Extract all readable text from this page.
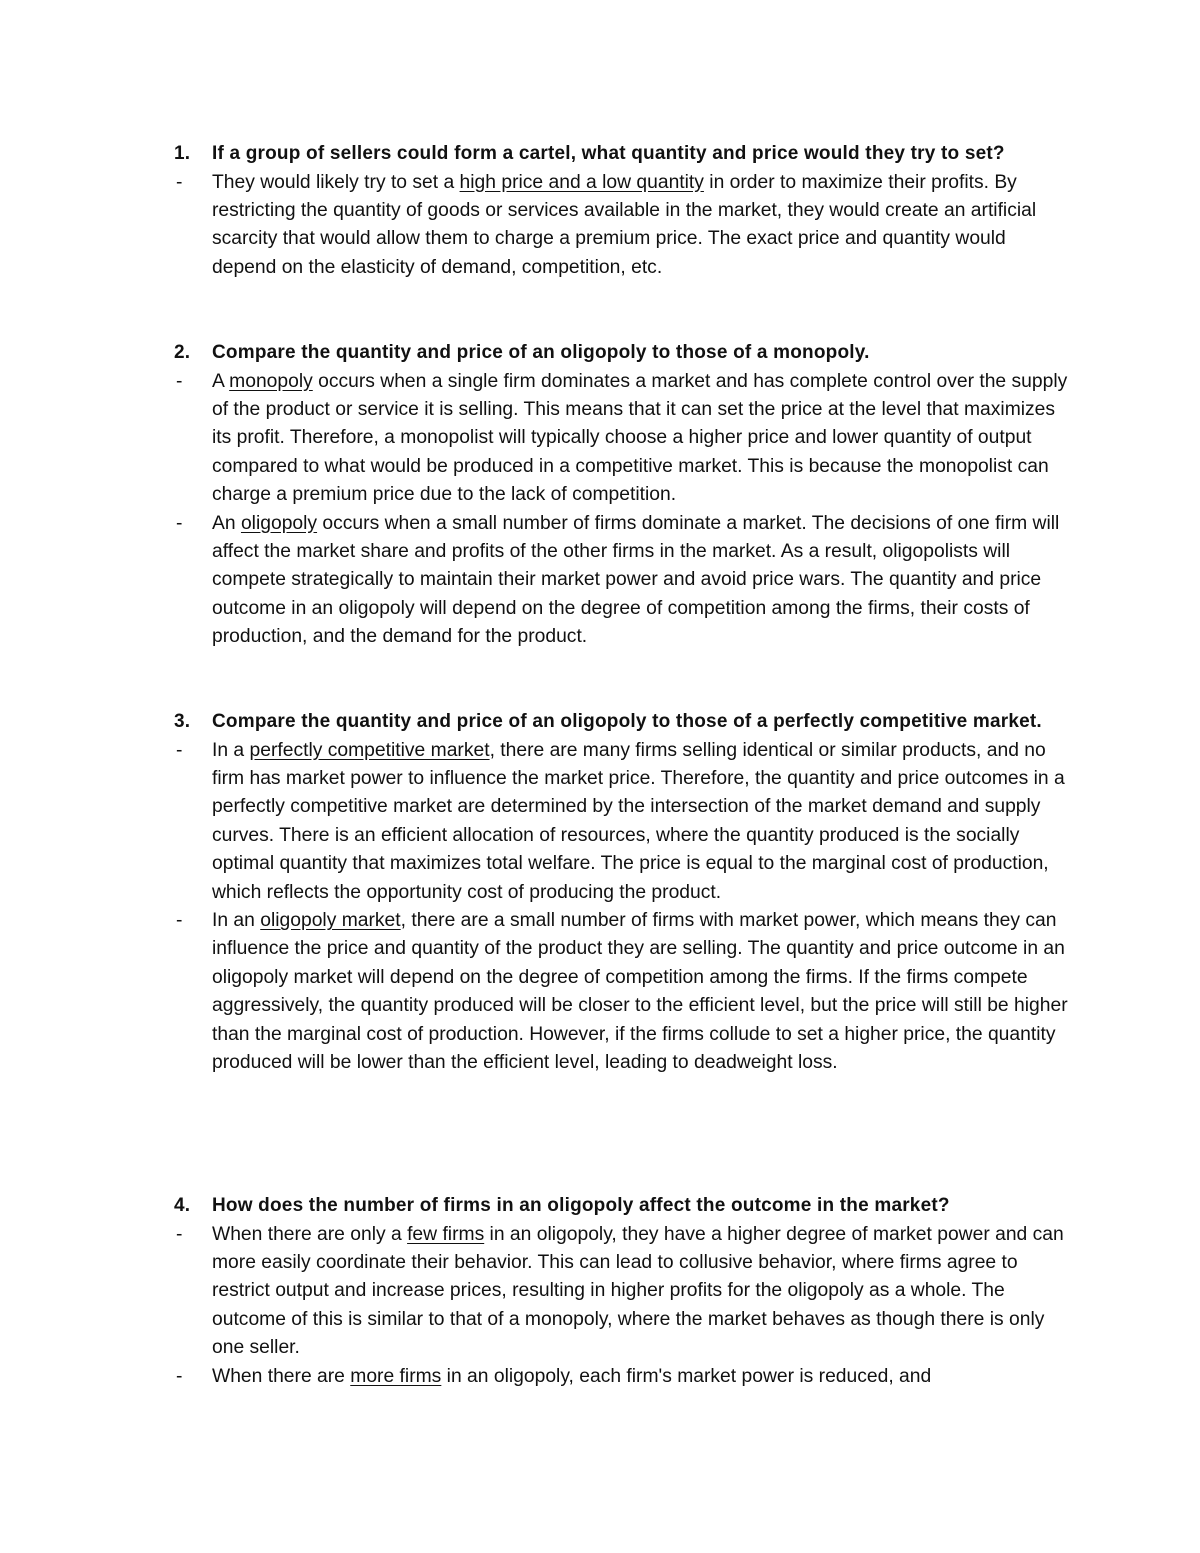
1. If a group of sellers could form a cartel, what quantity and price would they try to set?
- They would likely try to set a high price and a low quantity in order to maximize their profits. By restricting the quantity of goods or services available in the market, they would create an artificial scarcity that would allow them to charge a premium price. The exact price and quantity would depend on the elasticity of demand, competition, etc.
2. Compare the quantity and price of an oligopoly to those of a monopoly.
- A monopoly occurs when a single firm dominates a market and has complete control over the supply of the product or service it is selling. This means that it can set the price at the level that maximizes its profit. Therefore, a monopolist will typically choose a higher price and lower quantity of output compared to what would be produced in a competitive market. This is because the monopolist can charge a premium price due to the lack of competition.
- An oligopoly occurs when a small number of firms dominate a market. The decisions of one firm will affect the market share and profits of the other firms in the market. As a result, oligopolists will compete strategically to maintain their market power and avoid price wars. The quantity and price outcome in an oligopoly will depend on the degree of competition among the firms, their costs of production, and the demand for the product.
3. Compare the quantity and price of an oligopoly to those of a perfectly competitive market.
- In a perfectly competitive market, there are many firms selling identical or similar products, and no firm has market power to influence the market price. Therefore, the quantity and price outcomes in a perfectly competitive market are determined by the intersection of the market demand and supply curves. There is an efficient allocation of resources, where the quantity produced is the socially optimal quantity that maximizes total welfare. The price is equal to the marginal cost of production, which reflects the opportunity cost of producing the product.
- In an oligopoly market, there are a small number of firms with market power, which means they can influence the price and quantity of the product they are selling. The quantity and price outcome in an oligopoly market will depend on the degree of competition among the firms. If the firms compete aggressively, the quantity produced will be closer to the efficient level, but the price will still be higher than the marginal cost of production. However, if the firms collude to set a higher price, the quantity produced will be lower than the efficient level, leading to deadweight loss.
4. How does the number of firms in an oligopoly affect the outcome in the market?
- When there are only a few firms in an oligopoly, they have a higher degree of market power and can more easily coordinate their behavior. This can lead to collusive behavior, where firms agree to restrict output and increase prices, resulting in higher profits for the oligopoly as a whole. The outcome of this is similar to that of a monopoly, where the market behaves as though there is only one seller.
- When there are more firms in an oligopoly, each firm's market power is reduced, and
